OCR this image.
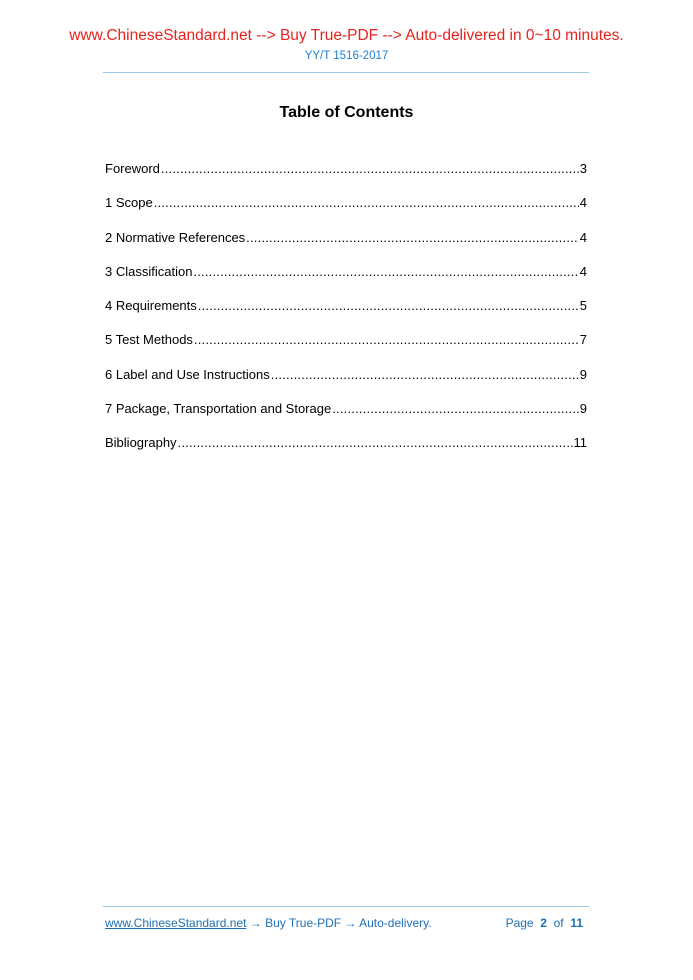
www.ChineseStandard.net --> Buy True-PDF --> Auto-delivered in 0~10 minutes.
YY/T 1516-2017
Table of Contents
Foreword .....	3
1 Scope .....	4
2 Normative References .....	4
3 Classification .....	4
4 Requirements .....	5
5 Test Methods .....	7
6 Label and Use Instructions .....	9
7 Package, Transportation and Storage .....	9
Bibliography .....	11
www.ChineseStandard.net → Buy True-PDF → Auto-delivery.	Page 2 of 11
